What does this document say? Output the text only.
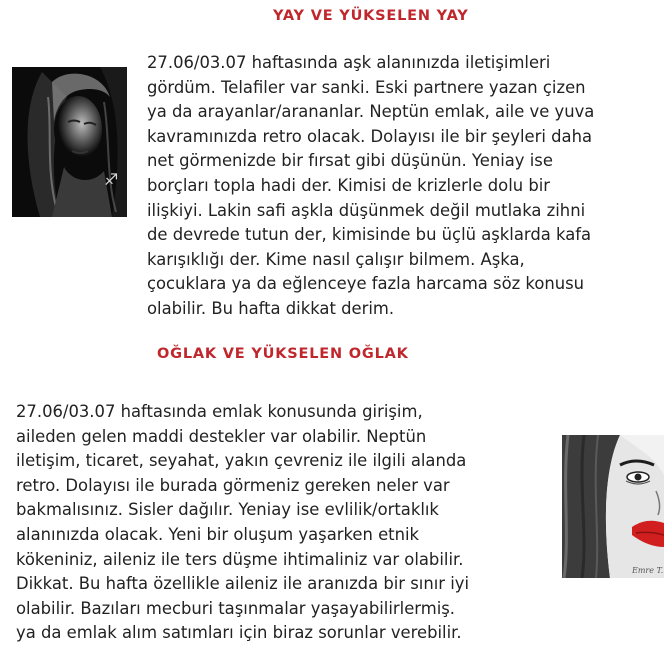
YAY VE YÜKSELEN YAY
♐

27.06/03.07 haftasında aşk alanınızda iletişimleri
gördüm. Telafiler var sanki. Eski partnere yazan çizen
ya da arayanlar/arananlar. Neptün emlak, aile ve yuva
kavramınızda retro olacak. Dolayısı ile bir şeyleri daha
net görmenizde bir fırsat gibi düşünün. Yeniay ise
borçları topla hadi der. Kimisi de krizlerle dolu bir
ilişkiyi. Lakin safi aşkla düşünmek değil mutlaka zihni
de devrede tutun der, kimisinde bu üçlü aşklarda kafa
karışıklığı der. Kime nasıl çalışır bilmem. Aşka,
çocuklara ya da eğlenceye fazla harcama söz konusu
olabilir. Bu hafta dikkat derim.

OĞLAK VE YÜKSELEN OĞLAK

27.06/03.07 haftasında emlak konusunda girişim,
aileden gelen maddi destekler var olabilir. Neptün
iletişim, ticaret, seyahat, yakın çevreniz ile ilgili alanda
retro. Dolayısı ile burada görmeniz gereken neler var
bakmalısınız. Sisler dağılır. Yeniay ise evlilik/ortaklık
alanınızda olacak. Yeni bir oluşum yaşarken etnik
kökeniniz, aileniz ile ters düşme ihtimaliniz var olabilir.
Dikkat. Bu hafta özellikle aileniz ile aranızda bir sınır iyi
olabilir. Bazıları mecburi taşınmalar yaşayabilirlermiş.
ya da emlak alım satımları için biraz sorunlar verebilir.

Emre T.
